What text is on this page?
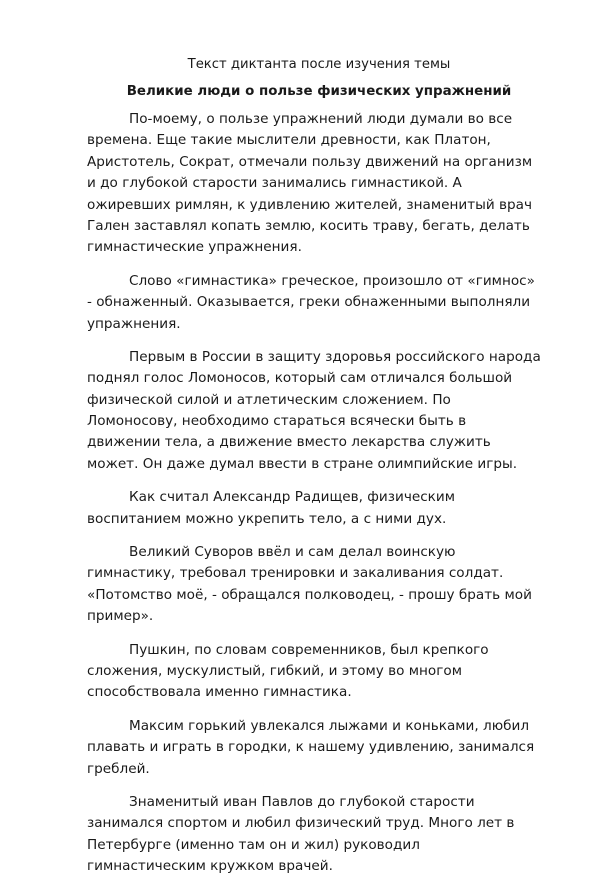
Текст диктанта после изучения темы
Великие люди о пользе физических упражнений
По-моему, о пользе упражнений люди думали во все
времена. Еще такие мыслители древности, как Платон,
Аристотель, Сократ, отмечали пользу движений на организм
и до глубокой старости занимались гимнастикой. А
ожиревших римлян, к удивлению жителей, знаменитый врач
Гален заставлял копать землю, косить траву, бегать, делать
гимнастические упражнения.
Слово «гимнастика» греческое, произошло от «гимнос»
- обнаженный. Оказывается, греки обнаженными выполняли
упражнения.
Первым в России в защиту здоровья российского народа
поднял голос Ломоносов, который сам отличался большой
физической силой и атлетическим сложением. По
Ломоносову, необходимо стараться всячески быть в
движении тела, а движение вместо лекарства служить
может. Он даже думал ввести в стране олимпийские игры.
Как считал Александр Радищев, физическим
воспитанием можно укрепить тело, а с ними дух.
Великий Суворов ввёл и сам делал воинскую
гимнастику, требовал тренировки и закаливания солдат.
«Потомство моё, - обращался полководец, - прошу брать мой
пример».
Пушкин, по словам современников, был крепкого
сложения, мускулистый, гибкий, и этому во многом
способствовала именно гимнастика.
Максим горький увлекался лыжами и коньками, любил
плавать и играть в городки, к нашему удивлению, занимался
греблей.
Знаменитый иван Павлов до глубокой старости
занимался спортом и любил физический труд. Много лет в
Петербурге (именно там он и жил) руководил
гимнастическим кружком врачей.
